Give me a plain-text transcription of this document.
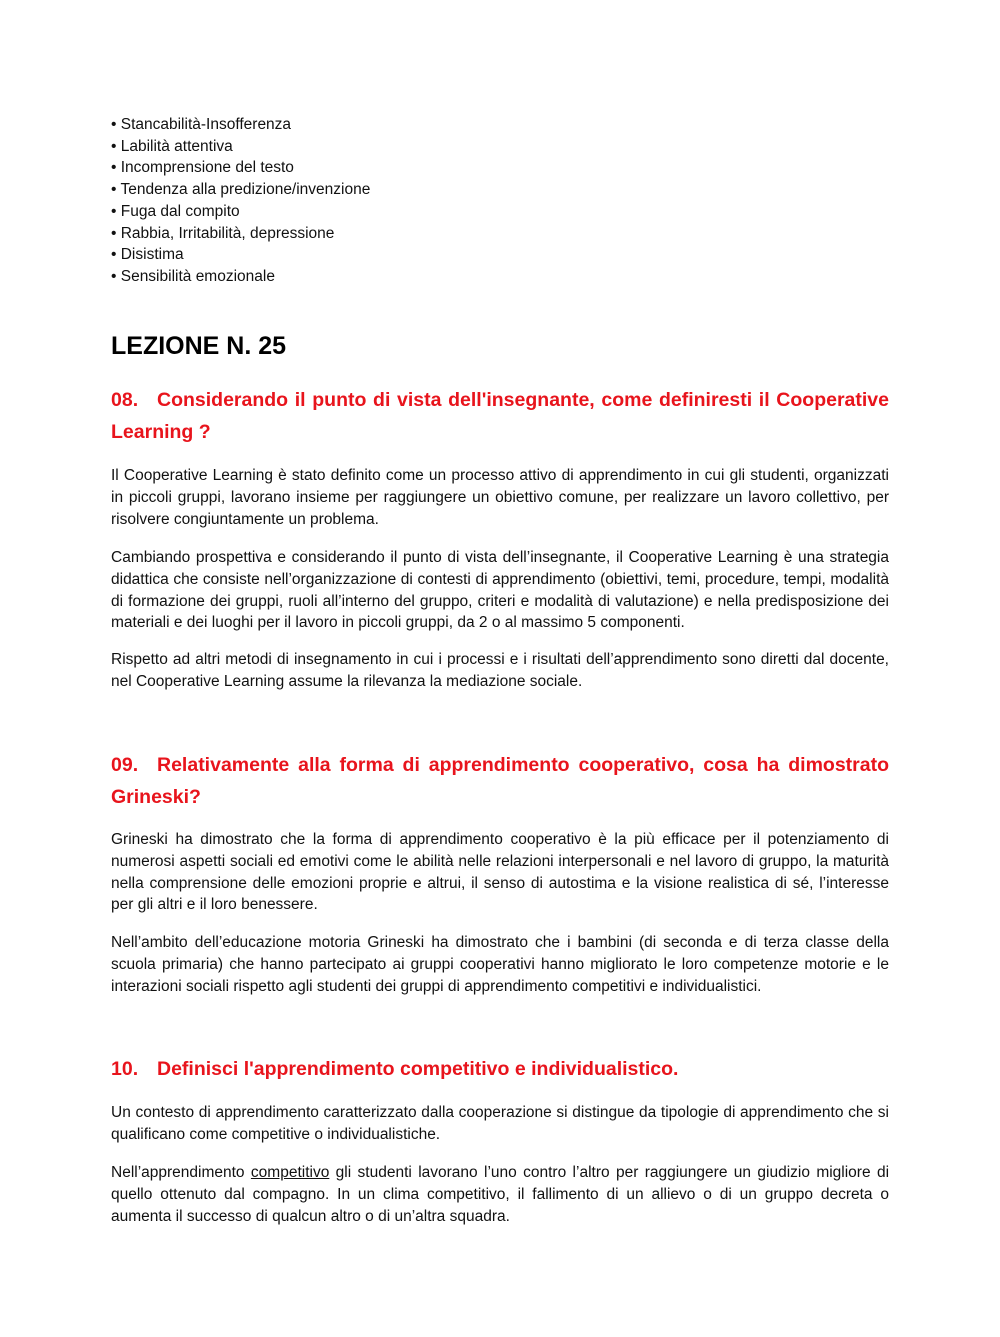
• Stancabilità-Insofferenza
• Labilità attentiva
• Incomprensione del testo
• Tendenza alla predizione/invenzione
• Fuga dal compito
• Rabbia, Irritabilità, depressione
• Disistima
• Sensibilità emozionale
LEZIONE N. 25
08. Considerando il punto di vista dell'insegnante, come definiresti il Cooperative Learning ?

Il Cooperative Learning è stato definito come un processo attivo di apprendimento in cui gli studenti, organizzati in piccoli gruppi, lavorano insieme per raggiungere un obiettivo comune, per realizzare un lavoro collettivo, per risolvere congiuntamente un problema.

Cambiando prospettiva e considerando il punto di vista dell’insegnante, il Cooperative Learning è una strategia didattica che consiste nell’organizzazione di contesti di apprendimento (obiettivi, temi, procedure, tempi, modalità di formazione dei gruppi, ruoli all’interno del gruppo, criteri e modalità di valutazione) e nella predisposizione dei materiali e dei luoghi per il lavoro in piccoli gruppi, da 2 o al massimo 5 componenti.

Rispetto ad altri metodi di insegnamento in cui i processi e i risultati dell’apprendimento sono diretti dal docente, nel Cooperative Learning assume la rilevanza la mediazione sociale.

09. Relativamente alla forma di apprendimento cooperativo, cosa ha dimostrato Grineski?

Grineski ha dimostrato che la forma di apprendimento cooperativo è la più efficace per il potenziamento di numerosi aspetti sociali ed emotivi come le abilità nelle relazioni interpersonali e nel lavoro di gruppo, la maturità nella comprensione delle emozioni proprie e altrui, il senso di autostima e la visione realistica di sé, l’interesse per gli altri e il loro benessere.

Nell’ambito dell’educazione motoria Grineski ha dimostrato che i bambini (di seconda e di terza classe della scuola primaria) che hanno partecipato ai gruppi cooperativi hanno migliorato le loro competenze motorie e le interazioni sociali rispetto agli studenti dei gruppi di apprendimento competitivi e individualistici.

10. Definisci l'apprendimento competitivo e individualistico.

Un contesto di apprendimento caratterizzato dalla cooperazione si distingue da tipologie di apprendimento che si qualificano come competitive o individualistiche.

Nell’apprendimento competitivo gli studenti lavorano l’uno contro l’altro per raggiungere un giudizio migliore di quello ottenuto dal compagno. In un clima competitivo, il fallimento di un allievo o di un gruppo decreta o aumenta il successo di qualcun altro o di un’altra squadra.
